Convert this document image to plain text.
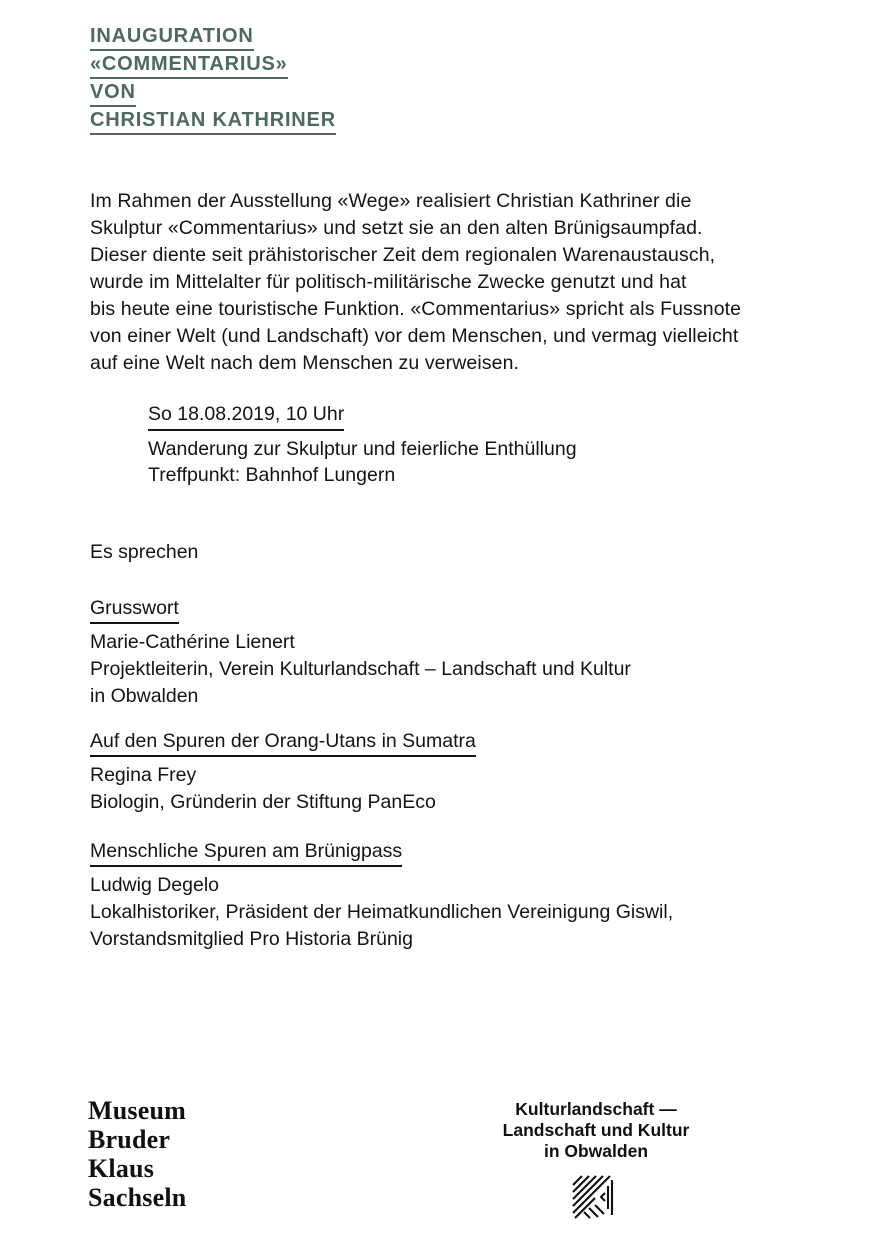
INAUGURATION
«COMMENTARIUS»
VON
CHRISTIAN KATHRINER
Im Rahmen der Ausstellung «Wege» realisiert Christian Kathriner die
Skulptur «Commentarius» und setzt sie an den alten Brünigsaumpfad.
Dieser diente seit prähistorischer Zeit dem regionalen Warenaustausch,
wurde im Mittelalter für politisch-militärische Zwecke genutzt und hat
bis heute eine touristische Funktion. «Commentarius» spricht als Fussnote
von einer Welt (und Landschaft) vor dem Menschen, und vermag vielleicht
auf eine Welt nach dem Menschen zu verweisen.
So 18.08.2019, 10 Uhr
Wanderung zur Skulptur und feierliche Enthüllung
Treffpunkt: Bahnhof Lungern
Es sprechen
Grusswort
Marie-Cathérine Lienert
Projektleiterin, Verein Kulturlandschaft – Landschaft und Kultur
in Obwalden
Auf den Spuren der Orang-Utans in Sumatra
Regina Frey
Biologin, Gründerin der Stiftung PanEco
Menschliche Spuren am Brünigpass
Ludwig Degelo
Lokalhistoriker, Präsident der Heimatkundlichen Vereinigung Giswil,
Vorstandsmitglied Pro Historia Brünig
Museum
Bruder
Klaus
Sachseln
Kulturlandschaft —
Landschaft und Kultur
in Obwalden
